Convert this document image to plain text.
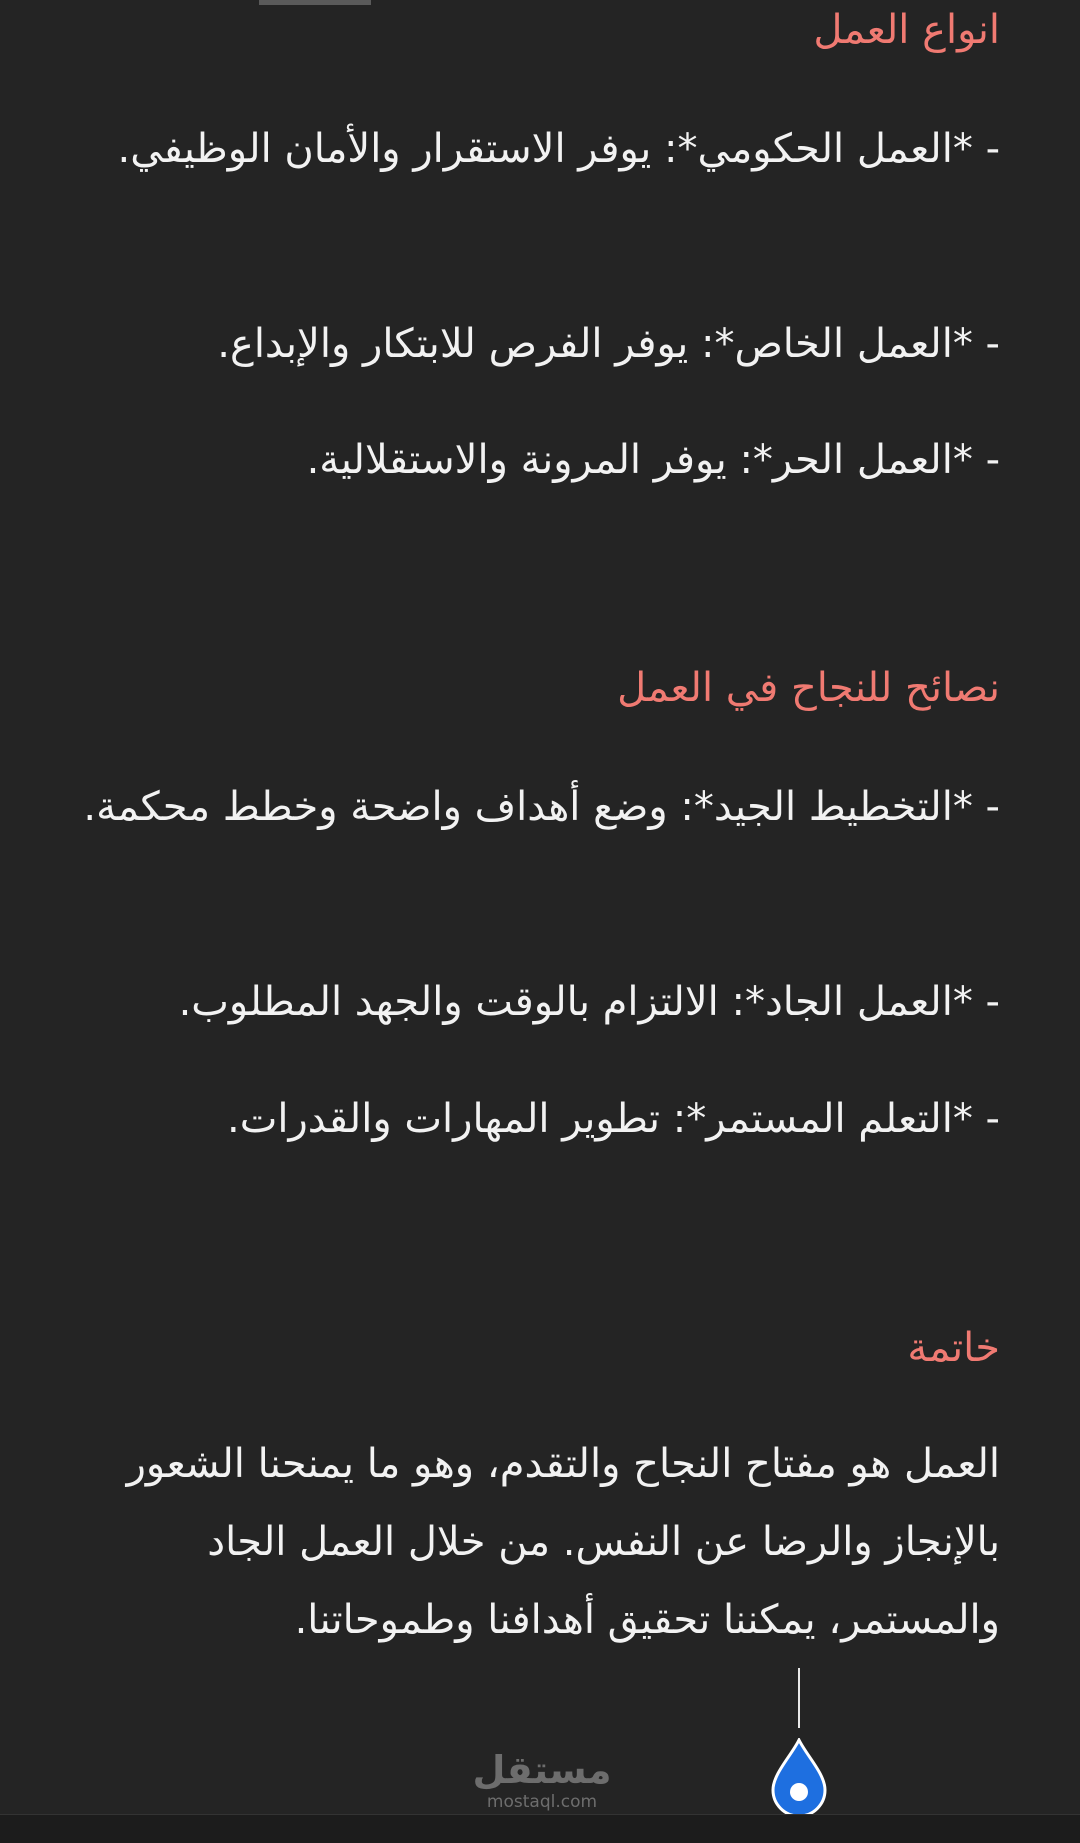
انواع العمل
- *العمل الحكومي*: يوفر الاستقرار والأمان الوظيفي.
- *العمل الخاص*: يوفر الفرص للابتكار والإبداع.
- *العمل الحر*: يوفر المرونة والاستقلالية.
نصائح للنجاح في العمل
- *التخطيط الجيد*: وضع أهداف واضحة وخطط محكمة.
- *العمل الجاد*: الالتزام بالوقت والجهد المطلوب.
- *التعلم المستمر*: تطوير المهارات والقدرات.
خاتمة
العمل هو مفتاح النجاح والتقدم، وهو ما يمنحنا الشعور بالإنجاز والرضا عن النفس. من خلال العمل الجاد والمستمر، يمكننا تحقيق أهدافنا وطموحاتنا.
مستقل
mostaql.com
